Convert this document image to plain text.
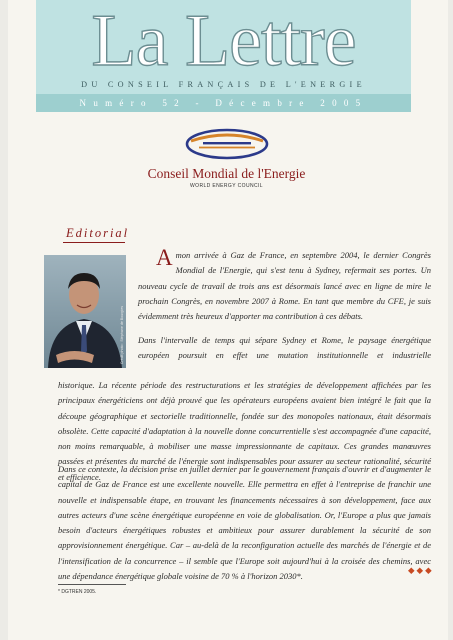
La Lettre
DU CONSEIL FRANÇAIS DE L'ENERGIE
Numéro 52 - Décembre 2005
Conseil Mondial de l'Energie
WORLD ENERGY COUNCIL
Editorial
Crédit photo : Stéphane de Bourgies

Amon arrivée à Gaz de France, en septembre 2004, le dernier Congrès Mondial de l'Energie, qui s'est tenu à Sydney, refermait ses portes. Un nouveau cycle de travail de trois ans est désormais lancé avec en ligne de mire le prochain Congrès, en novembre 2007 à Rome. En tant que membre du CFE, je suis évidemment très heureux d'apporter ma contribution à ces débats.

Dans l'intervalle de temps qui sépare Sydney et Rome, le paysage énergétique européen poursuit en effet une mutation institutionnelle et industrielle

historique. La récente période des restructurations et les stratégies de développement affichées par les principaux énergéticiens ont déjà prouvé que les opérateurs européens avaient bien intégré le fait que la découpe géographique et sectorielle traditionnelle, fondée sur des monopoles nationaux, était désormais obsolète. Cette capacité d'adaptation à la nouvelle donne concurrentielle s'est accompagnée d'une capacité, non moins remarquable, à mobiliser une masse impressionnante de capitaux. Ces grandes manœuvres passées et présentes du marché de l'énergie sont indispensables pour assurer au secteur rationalité, sécurité et efficience.

Dans ce contexte, la décision prise en juillet dernier par le gouvernement français d'ouvrir et d'augmenter le capital de Gaz de France est une excellente nouvelle. Elle permettra en effet à l'entreprise de franchir une nouvelle et indispensable étape, en trouvant les financements nécessaires à son développement, face aux autres acteurs d'une scène énergétique européenne en voie de globalisation. Or, l'Europe a plus que jamais besoin d'acteurs énergétiques robustes et ambitieux pour assurer durablement la sécurité de son approvisionnement énergétique. Car – au-delà de la reconfiguration actuelle des marchés de l'énergie et de l'intensification de la concurrence – il semble que l'Europe soit aujourd'hui à la croisée des chemins, avec une dépendance énergétique globale voisine de 70 % à l'horizon 2030*.

◆◆◆
* DGTREN 2005.
